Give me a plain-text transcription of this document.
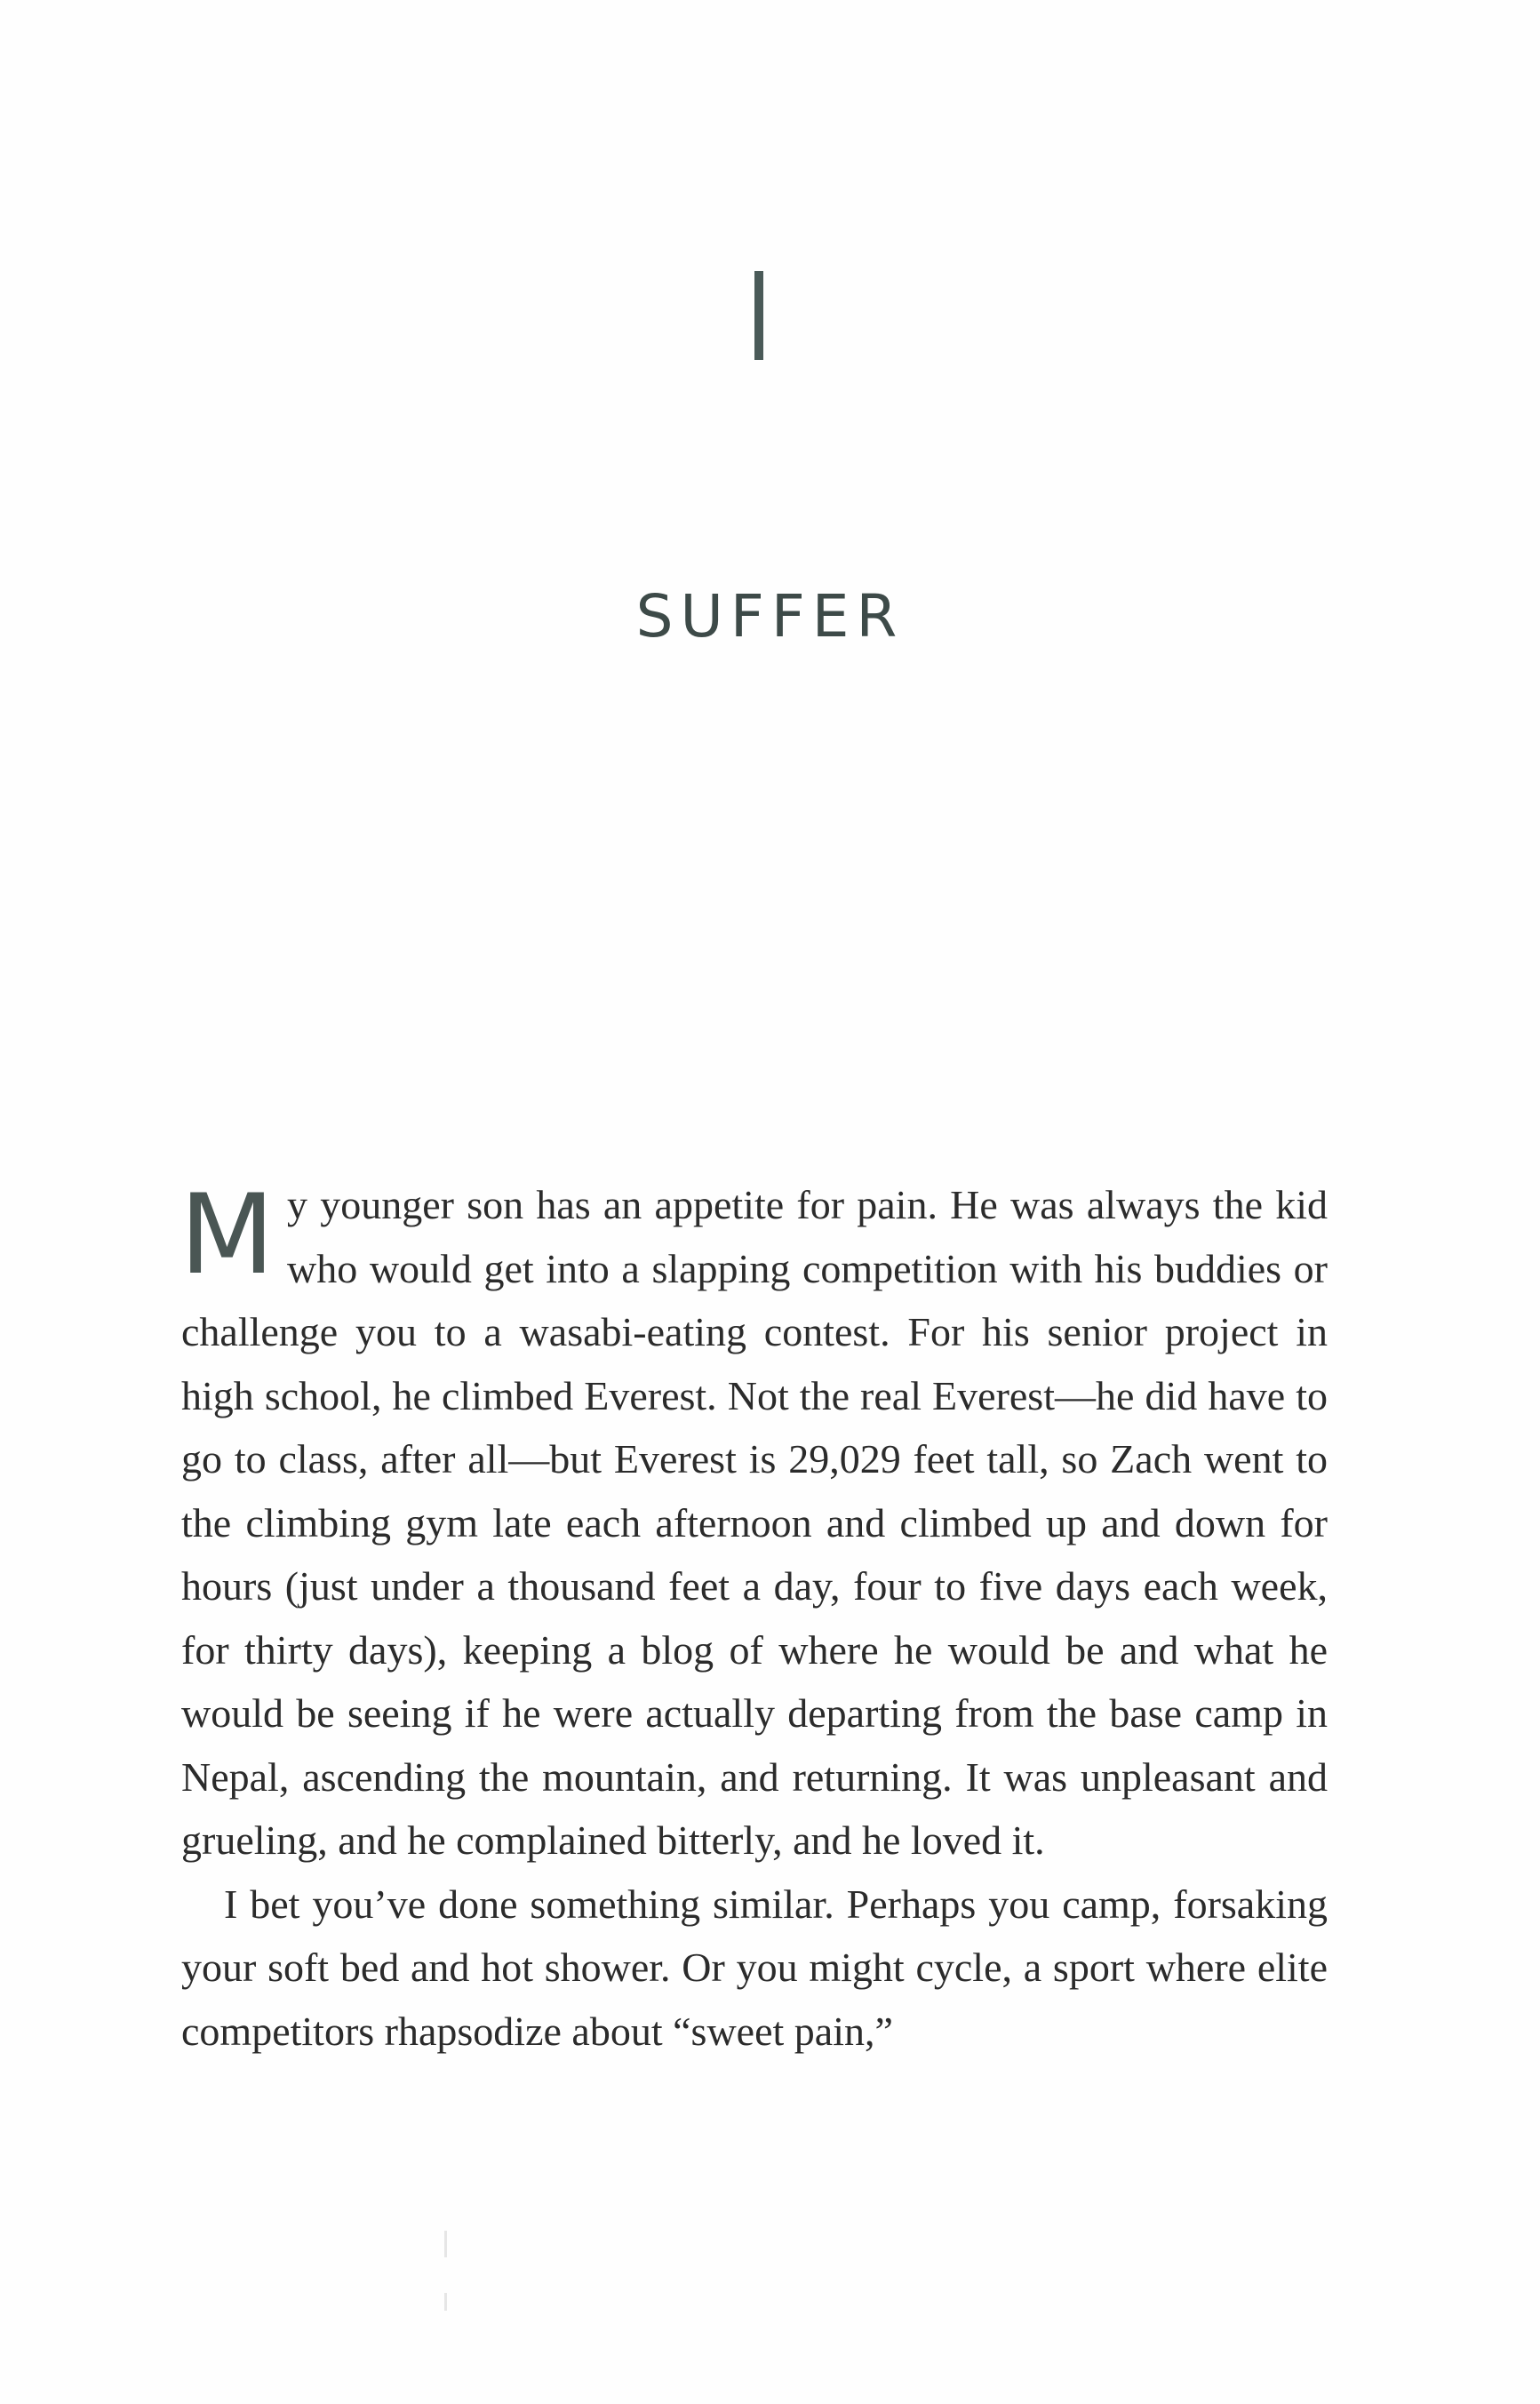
SUFFER

My younger son has an appetite for pain. He was always the kid who would get into a slapping competition with his buddies or challenge you to a wasabi-eating contest. For his senior project in high school, he climbed Everest. Not the real Everest—he did have to go to class, after all—but Everest is 29,029 feet tall, so Zach went to the climbing gym late each afternoon and climbed up and down for hours (just under a thousand feet a day, four to five days each week, for thirty days), keeping a blog of where he would be and what he would be seeing if he were actually departing from the base camp in Nepal, ascending the mountain, and returning. It was unpleasant and grueling, and he complained bitterly, and he loved it.

I bet you’ve done something similar. Perhaps you camp, forsaking your soft bed and hot shower. Or you might cycle, a sport where elite competitors rhapsodize about “sweet pain,”
